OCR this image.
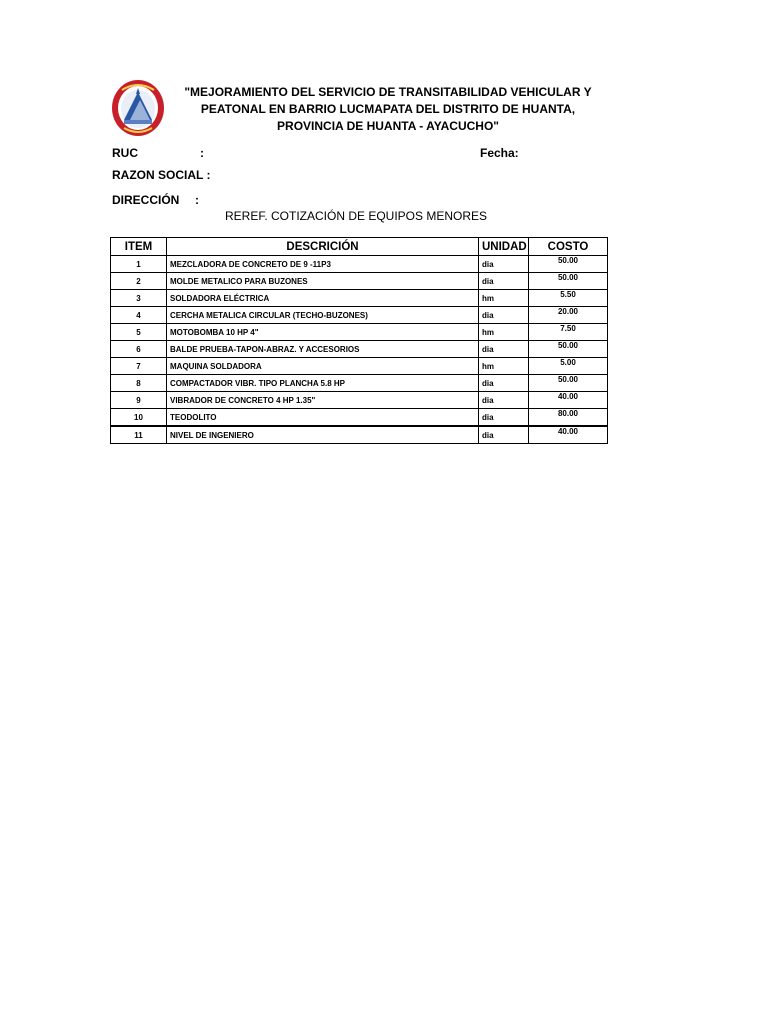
"MEJORAMIENTO DEL SERVICIO DE TRANSITABILIDAD VEHICULAR Y PEATONAL EN BARRIO LUCMAPATA DEL DISTRITO DE HUANTA, PROVINCIA DE HUANTA - AYACUCHO"
RUC	:	Fecha:
RAZON SOCIAL :
DIRECCIÓN :
REREF. COTIZACIÓN DE EQUIPOS MENORES
ITEM	DESCRICIÓN	UNIDAD	COSTO
1	MEZCLADORA DE CONCRETO DE 9 -11P3	dia	50.00
2	MOLDE METALICO PARA BUZONES	dia	50.00
3	SOLDADORA ELÉCTRICA	hm	5.50
4	CERCHA METALICA CIRCULAR (TECHO-BUZONES)	dia	20.00
5	MOTOBOMBA 10 HP 4"	hm	7.50
6	BALDE PRUEBA-TAPON-ABRAZ. Y ACCESORIOS	dia	50.00
7	MAQUINA SOLDADORA	hm	5.00
8	COMPACTADOR VIBR. TIPO PLANCHA 5.8 HP	dia	50.00
9	VIBRADOR DE CONCRETO 4 HP 1.35"	dia	40.00
10	TEODOLITO	dia	80.00
11	NIVEL DE INGENIERO	dia	40.00
